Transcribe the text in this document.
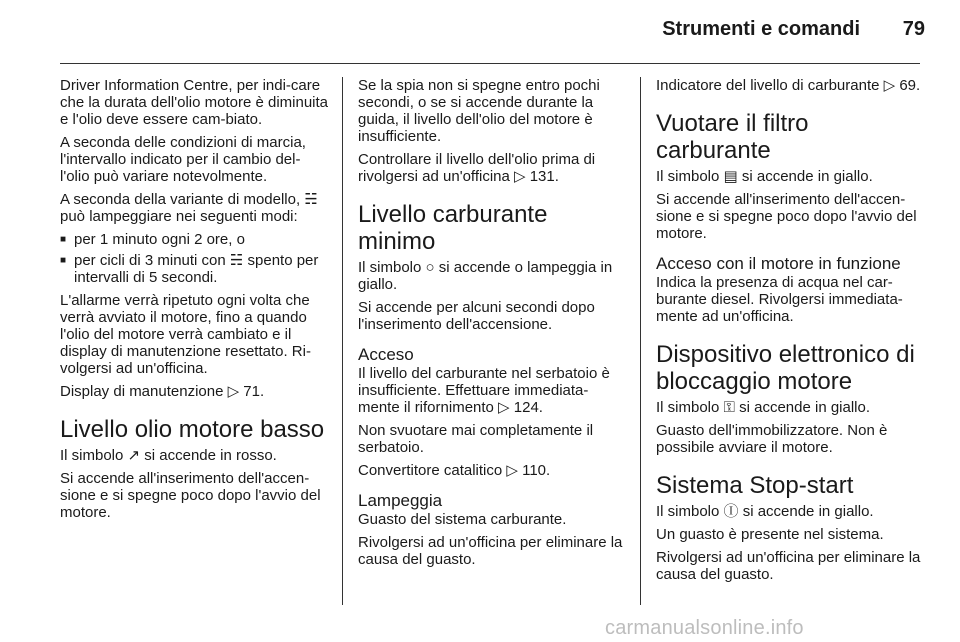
Strumenti e comandi	79

Driver Information Centre, per indi-care che la durata dell'olio motore è diminuita e l'olio deve essere cam-biato.

A seconda delle condizioni di marcia, l'intervallo indicato per il cambio del-l'olio può variare notevolmente.

A seconda della variante di modello, ☵ può lampeggiare nei seguenti modi:

■ per 1 minuto ogni 2 ore, o
■ per cicli di 3 minuti con ☵ spento per intervalli di 5 secondi.

L'allarme verrà ripetuto ogni volta che verrà avviato il motore, fino a quando l'olio del motore verrà cambiato e il display di manutenzione resettato. Ri-volgersi ad un'officina.

Display di manutenzione ▷ 71.

Livello olio motore basso

Il simbolo ↗ si accende in rosso.

Si accende all'inserimento dell'accen-sione e si spegne poco dopo l'avvio del motore.

Se la spia non si spegne entro pochi secondi, o se si accende durante la guida, il livello dell'olio del motore è insufficiente.

Controllare il livello dell'olio prima di rivolgersi ad un'officina ▷ 131.

Livello carburante minimo

Il simbolo ○ si accende o lampeggia in giallo.

Si accende per alcuni secondi dopo l'inserimento dell'accensione.

Acceso

Il livello del carburante nel serbatoio è insufficiente. Effettuare immediata-mente il rifornimento ▷ 124.

Non svuotare mai completamente il serbatoio.

Convertitore catalitico ▷ 110.

Lampeggia

Guasto del sistema carburante.

Rivolgersi ad un'officina per eliminare la causa del guasto.

Indicatore del livello di carburante ▷ 69.

Vuotare il filtro carburante

Il simbolo ▤ si accende in giallo.

Si accende all'inserimento dell'accen-sione e si spegne poco dopo l'avvio del motore.

Acceso con il motore in funzione

Indica la presenza di acqua nel car-burante diesel. Rivolgersi immediata-mente ad un'officina.

Dispositivo elettronico di bloccaggio motore

Il simbolo ⚿ si accende in giallo.

Guasto dell'immobilizzatore. Non è possibile avviare il motore.

Sistema Stop-start

Il simbolo Ⓘ si accende in giallo.

Un guasto è presente nel sistema.

Rivolgersi ad un'officina per eliminare la causa del guasto.

carmanualsonline.info
